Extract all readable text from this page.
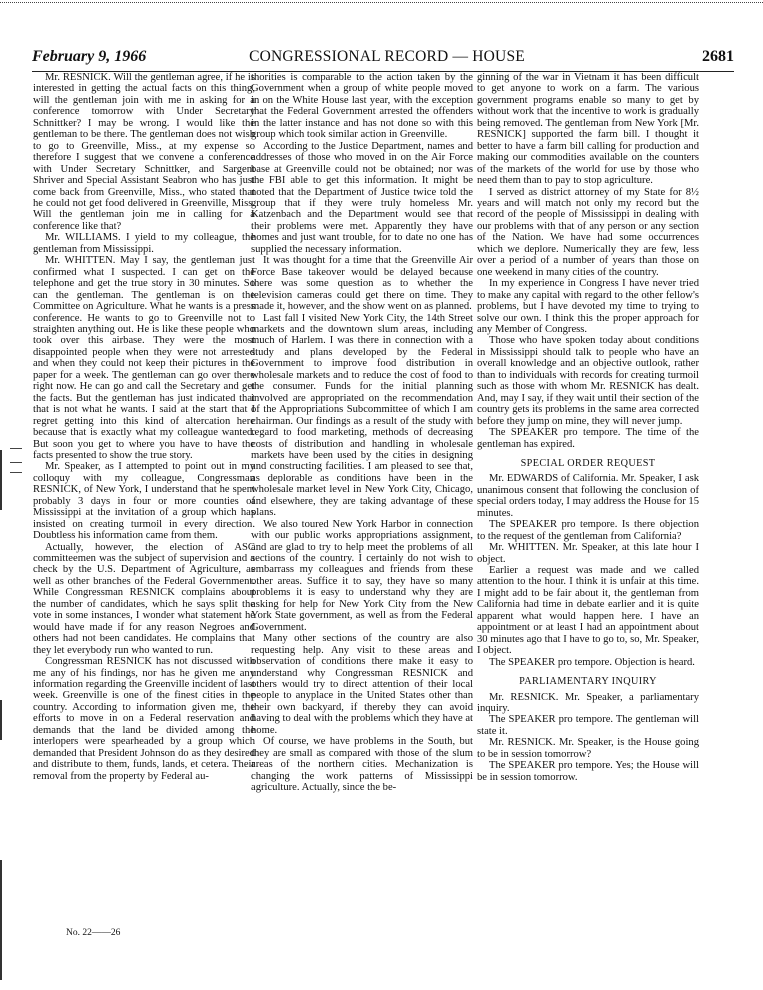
February 9, 1966	CONGRESSIONAL RECORD — HOUSE	2681

Mr. RESNICK. Will the gentleman agree, if he is interested in getting the actual facts on this thing, will the gentleman join with me in asking for a conference tomorrow with Under Secretary Schnittker? I may be wrong. I would like the gentleman to be there. The gentleman does not wish to go to Greenville, Miss., at my expense so therefore I suggest that we convene a conference with Under Secretary Schnittker, and Sargent Shriver and Special Assistant Seabron who has just come back from Greenville, Miss., who stated that he could not get food delivered in Greenville, Miss. Will the gentleman join me in calling for a conference like that?

Mr. WILLIAMS. I yield to my colleague, the gentleman from Mississippi.

Mr. WHITTEN. May I say, the gentleman just confirmed what I suspected. I can get on the telephone and get the true story in 30 minutes. So can the gentleman. The gentleman is on the Committee on Agriculture. What he wants is a press conference. He wants to go to Greenville not to straighten anything out. He is like these people who took over this airbase. They were the most disappointed people when they were not arrested and when they could not keep their pictures in the paper for a week. The gentleman can go over there right now. He can go and call the Secretary and get the facts. But the gentleman has just indicated that that is not what he wants. I said at the start that I regret getting into this kind of altercation here because that is exactly what my colleague wanted. But soon you get to where you have to have the facts presented to show the true story.

Mr. Speaker, as I attempted to point out in my colloquy with my colleague, Congressman RESNICK, of New York, I understand that he spent probably 3 days in four or more counties of Mississippi at the invitation of a group which has insisted on creating turmoil in every direction. Doubtless his information came from them.

Actually, however, the election of ASC committeemen was the subject of supervision and a check by the U.S. Department of Agriculture, as well as other branches of the Federal Government. While Congressman RESNICK complains about the number of candidates, which he says split the vote in some instances, I wonder what statement he would have made if for any reason Negroes and others had not been candidates. He complains that they let everybody run who wanted to run.

Congressman RESNICK has not discussed with me any of his findings, nor has he given me any information regarding the Greenville incident of last week. Greenville is one of the finest cities in the country. According to information given me, the efforts to move in on a Federal reservation and demands that the land be divided among the interlopers were spearheaded by a group which demanded that President Johnson do as they desired and distribute to them, funds, lands, et cetera. Their removal from the property by Federal au-

thorities is comparable to the action taken by the Government when a group of white people moved in on the White House last year, with the exception that the Federal Government arrested the offenders in the latter instance and has not done so with this group which took similar action in Greenville.

According to the Justice Department, names and addresses of those who moved in on the Air Force base at Greenville could not be obtained; nor was the FBI able to get this information. It might be noted that the Department of Justice twice told the group that if they were truly homeless Mr. Katzenbach and the Department would see that their problems were met. Apparently they have homes and just want trouble, for to date no one has supplied the necessary information.

It was thought for a time that the Greenville Air Force Base takeover would be delayed because there was some question as to whether the television cameras could get there on time. They made it, however, and the show went on as planned.

Last fall I visited New York City, the 14th Street markets and the downtown slum areas, including much of Harlem. I was there in connection with a study and plans developed by the Federal Government to improve food distribution in wholesale markets and to reduce the cost of food to the consumer. Funds for the initial planning involved are appropriated on the recommendation of the Appropriations Subcommittee of which I am chairman. Our findings as a result of the study with regard to food marketing, methods of decreasing costs of distribution and handling in wholesale markets have been used by the cities in designing and constructing facilities. I am pleased to see that, as deplorable as conditions have been in the wholesale market level in New York City, Chicago, and elsewhere, they are taking advantage of these plans.

We also toured New York Harbor in connection with our public works appropriations assignment, and are glad to try to help meet the problems of all sections of the country. I certainly do not wish to embarrass my colleagues and friends from these other areas. Suffice it to say, they have so many problems it is easy to understand why they are asking for help for New York City from the New York State government, as well as from the Federal Government.

Many other sections of the country are also requesting help. Any visit to these areas and observation of conditions there make it easy to understand why Congressman RESNICK and others would try to direct attention of their local people to anyplace in the United States other than their own backyard, if thereby they can avoid having to deal with the problems which they have at home.

Of course, we have problems in the South, but they are small as compared with those of the slum areas of the northern cities. Mechanization is changing the work patterns of Mississippi agriculture. Actually, since the be-

ginning of the war in Vietnam it has been difficult to get anyone to work on a farm. The various government programs enable so many to get by without work that the incentive to work is gradually being removed. The gentleman from New York [Mr. RESNICK] supported the farm bill. I thought it better to have a farm bill calling for production and making our commodities available on the counters of the markets of the world for use by those who need them than to pay to stop agriculture.

I served as district attorney of my State for 8½ years and will match not only my record but the record of the people of Mississippi in dealing with our problems with that of any person or any section of the Nation. We have had some occurrences which we deplore. Numerically they are few, less over a period of a number of years than those on one weekend in many cities of the country.

In my experience in Congress I have never tried to make any capital with regard to the other fellow's problems, but I have devoted my time to trying to solve our own. I think this the proper approach for any Member of Congress.

Those who have spoken today about conditions in Mississippi should talk to people who have an overall knowledge and an objective outlook, rather than to individuals with records for creating turmoil such as those with whom Mr. RESNICK has dealt. And, may I say, if they wait until their section of the country gets its problems in the same area corrected before they jump on mine, they will never jump.

The SPEAKER pro tempore. The time of the gentleman has expired.

SPECIAL ORDER REQUEST

Mr. EDWARDS of California. Mr. Speaker, I ask unanimous consent that following the conclusion of special orders today, I may address the House for 15 minutes.

The SPEAKER pro tempore. Is there objection to the request of the gentleman from California?

Mr. WHITTEN. Mr. Speaker, at this late hour I object.

Earlier a request was made and we called attention to the hour. I think it is unfair at this time. I might add to be fair about it, the gentleman from California had time in debate earlier and it is quite apparent what would happen here. I have an appointment or at least I had an appointment about 30 minutes ago that I have to go to, so, Mr. Speaker, I object.

The SPEAKER pro tempore. Objection is heard.

PARLIAMENTARY INQUIRY

Mr. RESNICK. Mr. Speaker, a parliamentary inquiry.

The SPEAKER pro tempore. The gentleman will state it.

Mr. RESNICK. Mr. Speaker, is the House going to be in session tomorrow?

The SPEAKER pro tempore. Yes; the House will be in session tomorrow.

No. 22——26
